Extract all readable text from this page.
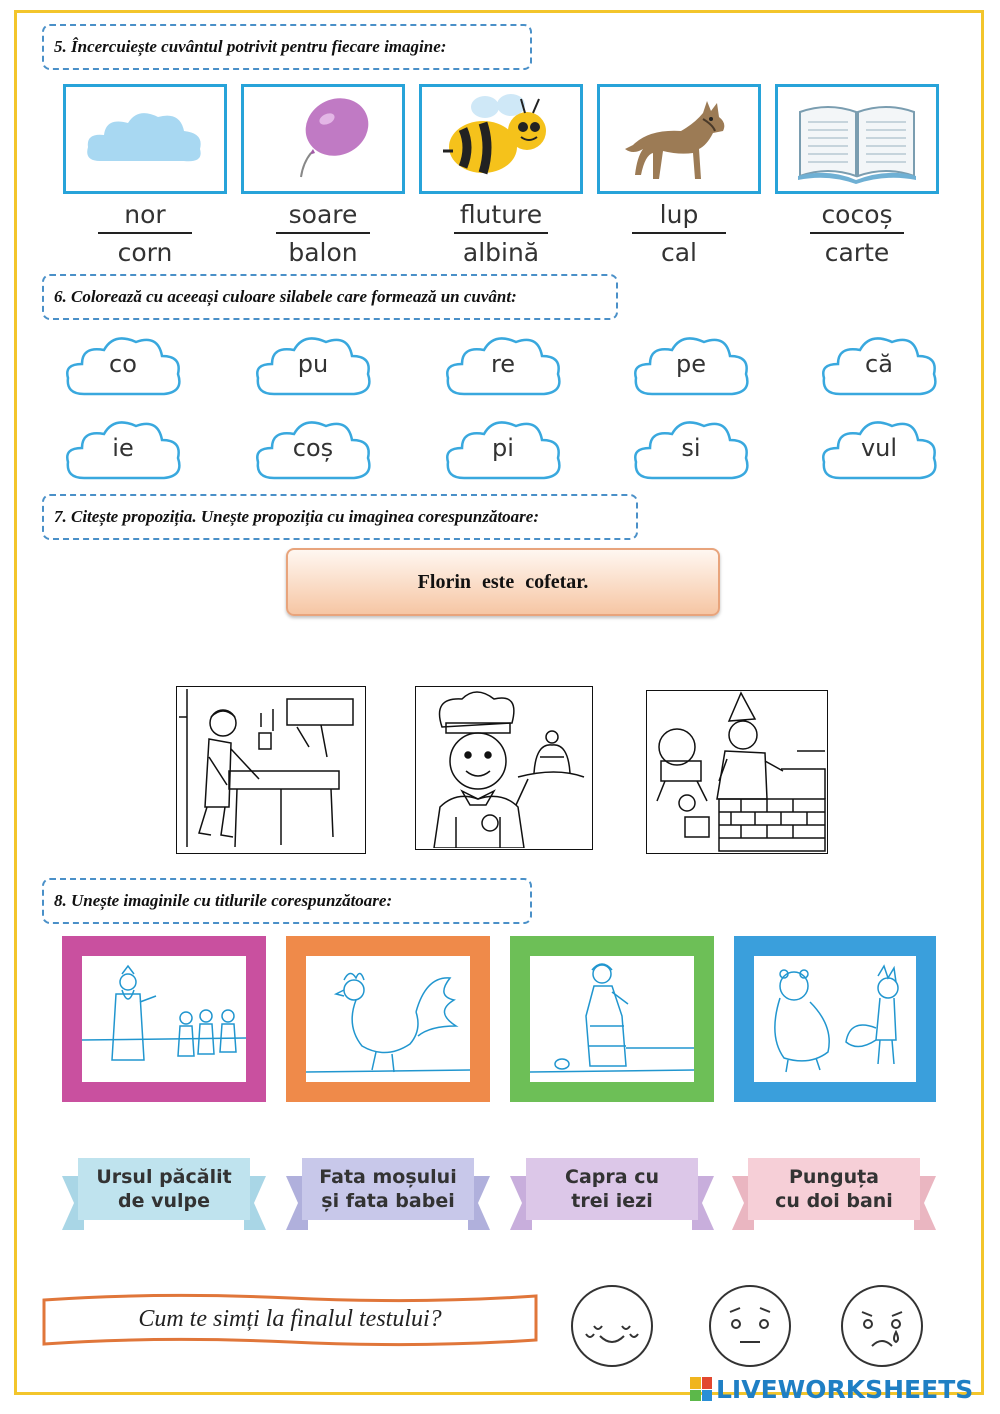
5. Încercuiește cuvântul potrivit pentru fiecare imagine:
nor
corn
soare
balon
fluture
albină
lup
cal
cocoș
carte
6. Colorează cu aceeași culoare silabele care formează un cuvânt:
co	pu	re	pe	că
ie	coș	pi	si	vul
7. Citește propoziția. Unește propoziția cu imaginea corespunzătoare:
Florin este cofetar.
8. Unește imaginile cu titlurile corespunzătoare:
Ursul păcălit
de vulpe
Fata moșului
și fata babei
Capra cu
trei iezi
Punguța
cu doi bani
Cum te simți la finalul testului?
LIVEWORKSHEETS
